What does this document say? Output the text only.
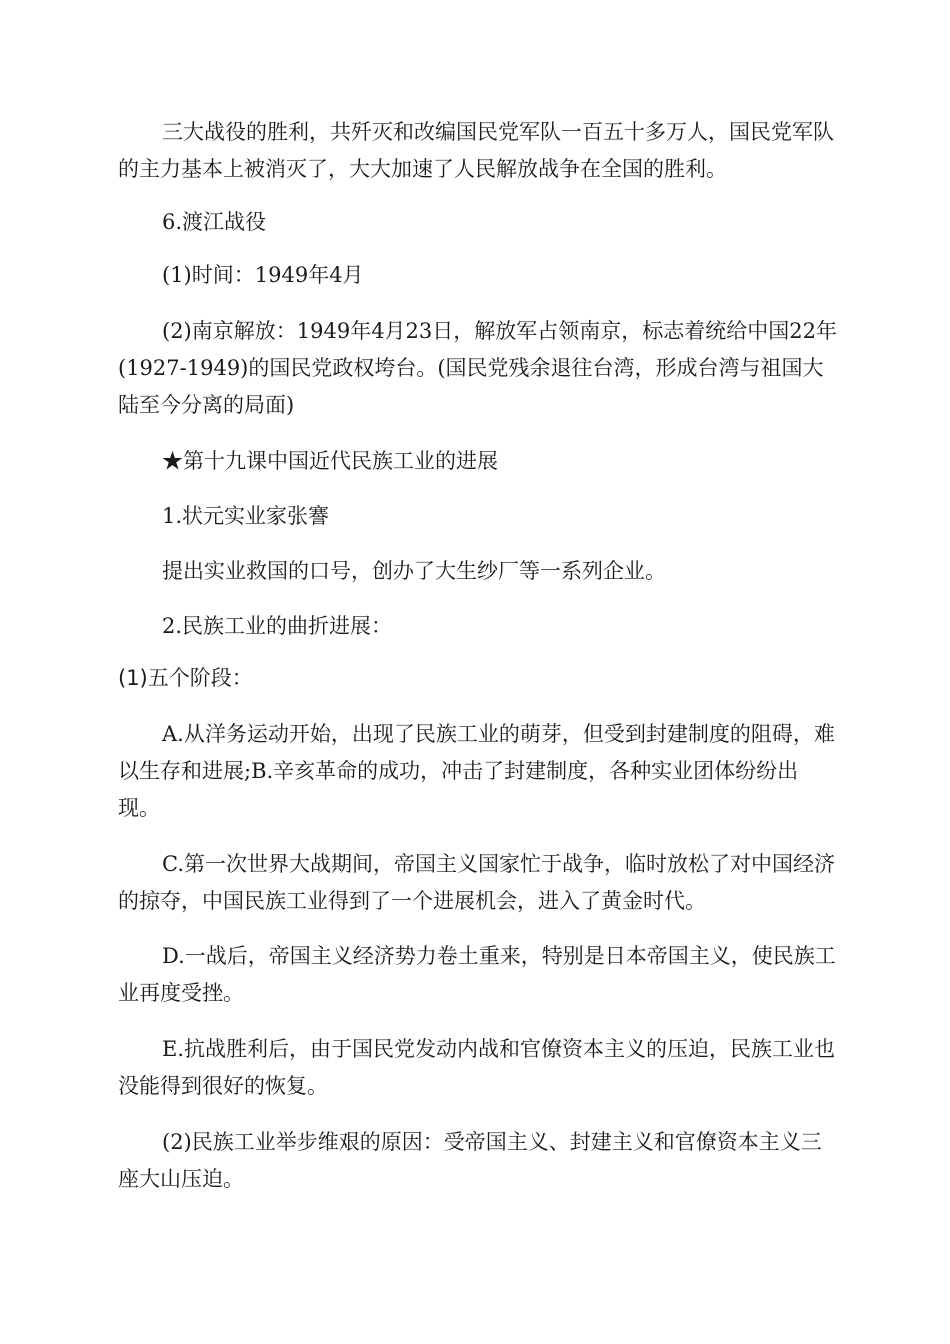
三大战役的胜利，共歼灭和改编国民党军队一百五十多万人，国民党军队的主力基本上被消灭了，大大加速了人民解放战争在全国的胜利。

6.渡江战役

(1)时间：1949年4月

(2)南京解放：1949年4月23日，解放军占领南京，标志着统给中国22年(1927-1949)的国民党政权垮台。(国民党残余退往台湾，形成台湾与祖国大陆至今分离的局面)

★第十九课中国近代民族工业的进展

1.状元实业家张謇

提出实业救国的口号，创办了大生纱厂等一系列企业。

2.民族工业的曲折进展：

(1)五个阶段：

A.从洋务运动开始，出现了民族工业的萌芽，但受到封建制度的阻碍，难以生存和进展;B.辛亥革命的成功，冲击了封建制度，各种实业团体纷纷出现。

C.第一次世界大战期间，帝国主义国家忙于战争，临时放松了对中国经济的掠夺，中国民族工业得到了一个进展机会，进入了黄金时代。

D.一战后，帝国主义经济势力卷土重来，特别是日本帝国主义，使民族工业再度受挫。

E.抗战胜利后，由于国民党发动内战和官僚资本主义的压迫，民族工业也没能得到很好的恢复。

(2)民族工业举步维艰的原因：受帝国主义、封建主义和官僚资本主义三座大山压迫。
